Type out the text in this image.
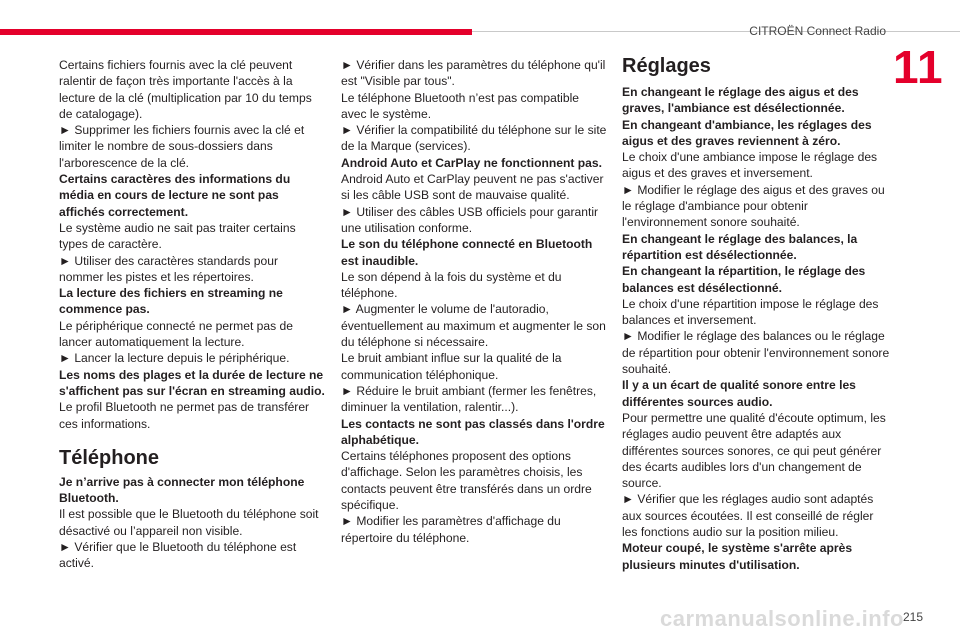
CITROËN Connect Radio
11
Certains fichiers fournis avec la clé peuvent ralentir de façon très importante l'accès à la lecture de la clé (multiplication par 10 du temps de catalogage).
► Supprimer les fichiers fournis avec la clé et limiter le nombre de sous-dossiers dans l'arborescence de la clé.
Certains caractères des informations du média en cours de lecture ne sont pas affichés correctement.
Le système audio ne sait pas traiter certains types de caractère.
► Utiliser des caractères standards pour nommer les pistes et les répertoires.
La lecture des fichiers en streaming ne commence pas.
Le périphérique connecté ne permet pas de lancer automatiquement la lecture.
► Lancer la lecture depuis le périphérique.
Les noms des plages et la durée de lecture ne s'affichent pas sur l'écran en streaming audio.
Le profil Bluetooth ne permet pas de transférer ces informations.
Téléphone
Je n’arrive pas à connecter mon téléphone Bluetooth.
Il est possible que le Bluetooth du téléphone soit désactivé ou l’appareil non visible.
► Vérifier que le Bluetooth du téléphone est activé.
► Vérifier dans les paramètres du téléphone qu'il est "Visible par tous".
Le téléphone Bluetooth n’est pas compatible avec le système.
► Vérifier la compatibilité du téléphone sur le site de la Marque (services).
Android Auto et CarPlay ne fonctionnent pas.
Android Auto et CarPlay peuvent ne pas s'activer si les câble USB sont de mauvaise qualité.
► Utiliser des câbles USB officiels pour garantir une utilisation conforme.
Le son du téléphone connecté en Bluetooth est inaudible.
Le son dépend à la fois du système et du téléphone.
► Augmenter le volume de l'autoradio, éventuellement au maximum et augmenter le son du téléphone si nécessaire.
Le bruit ambiant influe sur la qualité de la communication téléphonique.
► Réduire le bruit ambiant (fermer les fenêtres, diminuer la ventilation, ralentir...).
Les contacts ne sont pas classés dans l'ordre alphabétique.
Certains téléphones proposent des options d'affichage. Selon les paramètres choisis, les contacts peuvent être transférés dans un ordre spécifique.
► Modifier les paramètres d'affichage du répertoire du téléphone.
Réglages
En changeant le réglage des aigus et des graves, l'ambiance est désélectionnée.
En changeant d'ambiance, les réglages des aigus et des graves reviennent à zéro.
Le choix d'une ambiance impose le réglage des aigus et des graves et inversement.
► Modifier le réglage des aigus et des graves ou le réglage d'ambiance pour obtenir l'environnement sonore souhaité.
En changeant le réglage des balances, la répartition est désélectionnée.
En changeant la répartition, le réglage des balances est désélectionné.
Le choix d'une répartition impose le réglage des balances et inversement.
► Modifier le réglage des balances ou le réglage de répartition pour obtenir l'environnement sonore souhaité.
Il y a un écart de qualité sonore entre les différentes sources audio.
Pour permettre une qualité d'écoute optimum, les réglages audio peuvent être adaptés aux différentes sources sonores, ce qui peut générer des écarts audibles lors d'un changement de source.
► Vérifier que les réglages audio sont adaptés aux sources écoutées. Il est conseillé de régler les fonctions audio sur la position milieu.
Moteur coupé, le système s'arrête après plusieurs minutes d'utilisation.
carmanualsonline.info
215
